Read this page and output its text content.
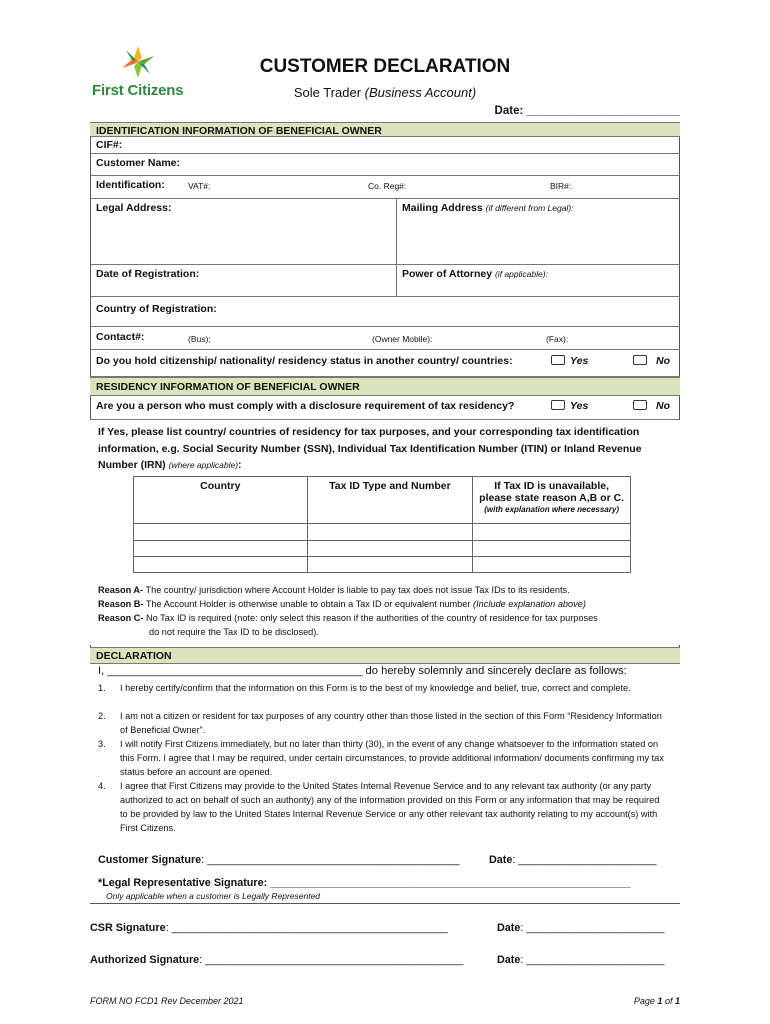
First Citizens
CUSTOMER DECLARATION
Sole Trader (Business Account)
Date: ________________________
IDENTIFICATION INFORMATION OF BENEFICIAL OWNER
CIF#:
Customer Name:
Identification:	VAT#:	Co. Reg#:	BIR#:
Legal Address:	Mailing Address (if different from Legal):
Date of Registration:	Power of Attorney (if applicable):
Country of Registration:
Contact#:	(Bus):	(Owner Mobile):	(Fax):
Do you hold citizenship/ nationality/ residency status in another country/ countries:	Yes	No
RESIDENCY INFORMATION OF BENEFICIAL OWNER
Are you a person who must comply with a disclosure requirement of tax residency?	Yes	No
If Yes, please list country/ countries of residency for tax purposes, and your corresponding tax identification
information, e.g. Social Security Number (SSN), Individual Tax Identification Number (ITIN) or Inland Revenue
Number (IRN) (where applicable):
Country	Tax ID Type and Number	If Tax ID is unavailable,
please state reason A,B or C.
(with explanation where necessary)

Reason A- The country/ jurisdiction where Account Holder is liable to pay tax does not issue Tax IDs to its residents.
Reason B- The Account Holder is otherwise unable to obtain a Tax ID or equivalent number (Include explanation above)
Reason C- No Tax ID is required (note: only select this reason if the authorities of the country of residence for tax purposes
do not require the Tax ID to be disclosed).
DECLARATION
I, _________________________________________ do hereby solemnly and sincerely declare as follows:
1. I hereby certify/confirm that the information on this Form is to the best of my knowledge and belief, true, correct and complete.
2. I am not a citizen or resident for tax purposes of any country other than those listed in the section of this Form “Residency Information of Beneficial Owner”.
3. I will notify First Citizens immediately, but no later than thirty (30), in the event of any change whatsoever to the information stated on this Form. I agree that I may be required, under certain circumstances, to provide additional information/ documents confirming my tax status before an account are opened.
4. I agree that First Citizens may provide to the United States Internal Revenue Service and to any relevant tax authority (or any party authorized to act on behalf of such an authority) any of the information provided on this Form or any information that may be required to be provided by law to the United States Internal Revenue Service or any other relevant tax authority relating to my account(s) with First Citizens.
Customer Signature: __________________________________________	Date: _______________________
*Legal Representative Signature: ____________________________________________________________
Only applicable when a customer is Legally Represented
CSR Signature: ______________________________________________	Date: _______________________
Authorized Signature: ___________________________________________	Date: _______________________
FORM NO FCD1 Rev December 2021	Page 1 of 1
